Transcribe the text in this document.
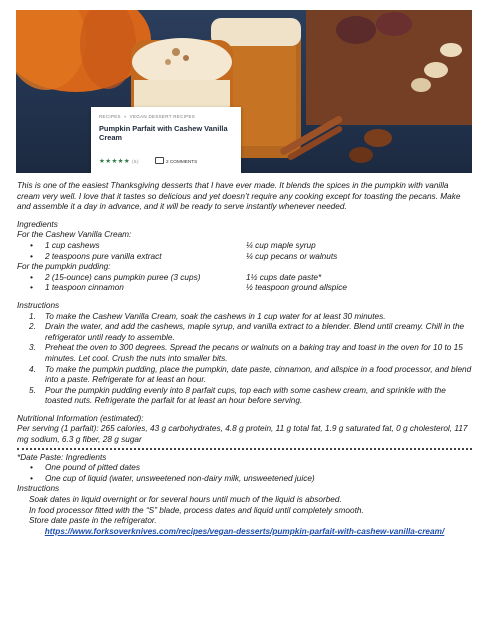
RECIPES » VEGAN DESSERT RECIPES
Pumpkin Parfait with Cashew Vanilla Cream
★★★★★ (6)	2 COMMENTS

This is one of the easiest Thanksgiving desserts that I have ever made. It blends the spices in the pumpkin with vanilla cream very well. I love that it tastes so delicious and yet doesn’t require any cooking except for toasting the pecans. Make and assemble it a day in advance, and it will be ready to serve instantly whenever needed.

Ingredients

For the Cashew Vanilla Cream:

• 1 cup cashews	¼ cup maple syrup
• 2 teaspoons pure vanilla extract	¼ cup pecans or walnuts

For the pumpkin pudding:

• 2 (15-ounce) cans pumpkin puree (3 cups)	1½ cups date paste*
• 1 teaspoon cinnamon	½ teaspoon ground allspice

Instructions

1. To make the Cashew Vanilla Cream, soak the cashews in 1 cup water for at least 30 minutes.
2. Drain the water, and add the cashews, maple syrup, and vanilla extract to a blender. Blend until creamy. Chill in the refrigerator until ready to assemble.
3. Preheat the oven to 300 degrees. Spread the pecans or walnuts on a baking tray and toast in the oven for 10 to 15 minutes. Let cool. Crush the nuts into smaller bits.
4. To make the pumpkin pudding, place the pumpkin, date paste, cinnamon, and allspice in a food processor, and blend into a paste. Refrigerate for at least an hour.
5. Pour the pumpkin pudding evenly into 8 parfait cups, top each with some cashew cream, and sprinkle with the toasted nuts. Refrigerate the parfait for at least an hour before serving.

Nutritional Information (estimated):

Per serving (1 parfait): 265 calories, 43 g carbohydrates, 4.8 g protein, 11 g total fat, 1.9 g saturated fat, 0 g cholesterol, 117 mg sodium, 6.3 g fiber, 28 g sugar

*Date Paste: Ingredients

• One pound of pitted dates
• One cup of liquid (water, unsweetened non-dairy milk, unsweetened juice)

Instructions

Soak dates in liquid overnight or for several hours until much of the liquid is absorbed.

In food processor fitted with the “S” blade, process dates and liquid until completely smooth.

Store date paste in the refrigerator.

https://www.forksoverknives.com/recipes/vegan-desserts/pumpkin-parfait-with-cashew-vanilla-cream/
